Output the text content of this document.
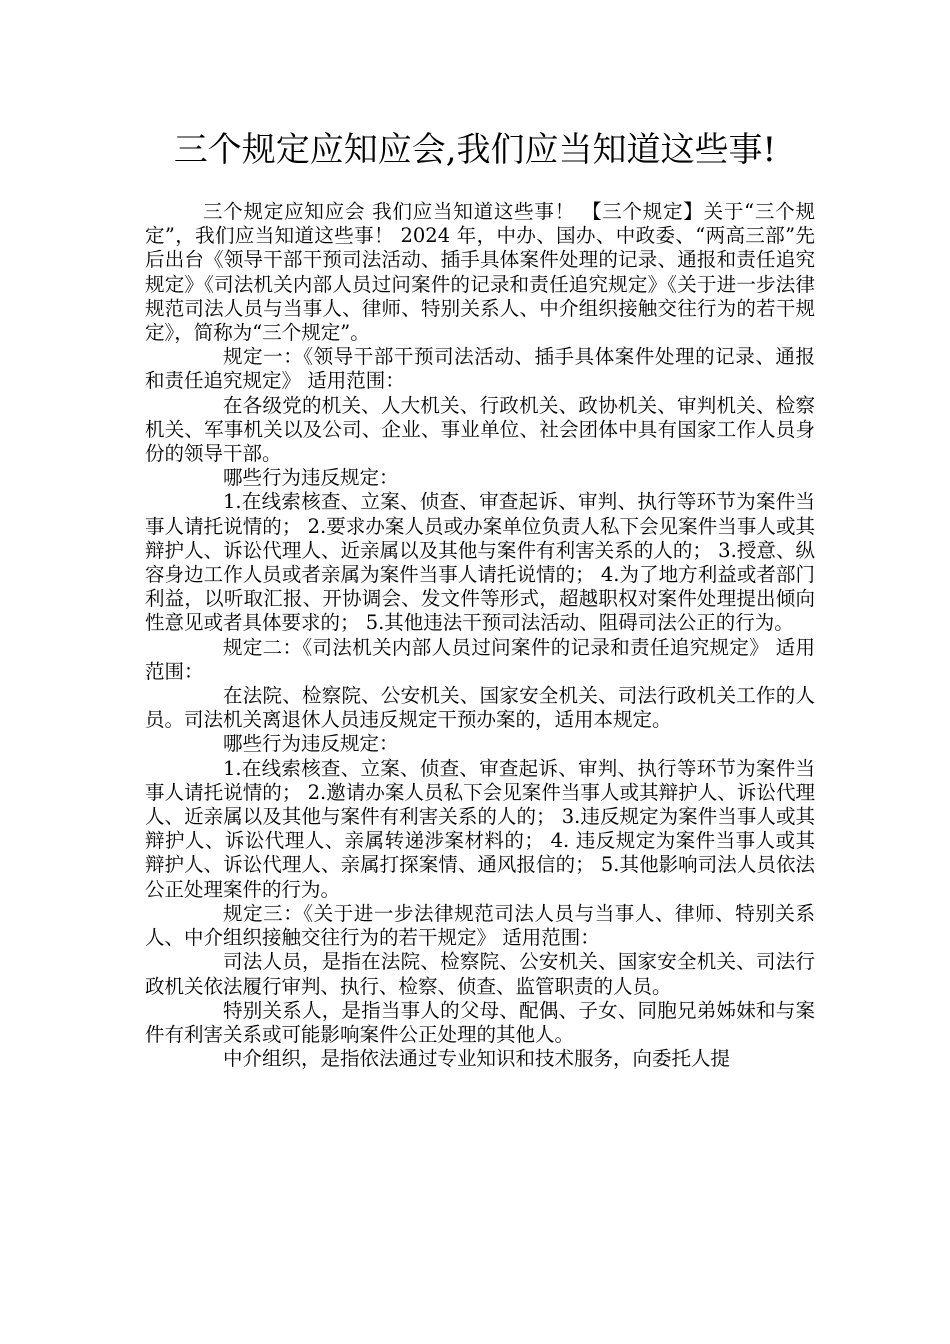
三个规定应知应会,我们应当知道这些事!

三个规定应知应会 我们应当知道这些事！ 【三个规定】关于“三个规定”，我们应当知道这些事！ 2024 年，中办、国办、中政委、“两高三部”先后出台《领导干部干预司法活动、插手具体案件处理的记录、通报和责任追究规定》《司法机关内部人员过问案件的记录和责任追究规定》《关于进一步法律规范司法人员与当事人、律师、特别关系人、中介组织接触交往行为的若干规定》，简称为“三个规定”。

规定一：《领导干部干预司法活动、插手具体案件处理的记录、通报和责任追究规定》 适用范围：

在各级党的机关、人大机关、行政机关、政协机关、审判机关、检察机关、军事机关以及公司、企业、事业单位、社会团体中具有国家工作人员身份的领导干部。

哪些行为违反规定：

1.在线索核查、立案、侦查、审查起诉、审判、执行等环节为案件当事人请托说情的； 2.要求办案人员或办案单位负责人私下会见案件当事人或其辩护人、诉讼代理人、近亲属以及其他与案件有利害关系的人的； 3.授意、纵容身边工作人员或者亲属为案件当事人请托说情的； 4.为了地方利益或者部门利益，以听取汇报、开协调会、发文件等形式，超越职权对案件处理提出倾向性意见或者具体要求的； 5.其他违法干预司法活动、阻碍司法公正的行为。

规定二：《司法机关内部人员过问案件的记录和责任追究规定》 适用范围：

在法院、检察院、公安机关、国家安全机关、司法行政机关工作的人员。司法机关离退休人员违反规定干预办案的，适用本规定。

哪些行为违反规定：

1.在线索核查、立案、侦查、审查起诉、审判、执行等环节为案件当事人请托说情的； 2.邀请办案人员私下会见案件当事人或其辩护人、诉讼代理人、近亲属以及其他与案件有利害关系的人的； 3.违反规定为案件当事人或其辩护人、诉讼代理人、亲属转递涉案材料的； 4. 违反规定为案件当事人或其辩护人、诉讼代理人、亲属打探案情、通风报信的； 5.其他影响司法人员依法公正处理案件的行为。

规定三：《关于进一步法律规范司法人员与当事人、律师、特别关系人、中介组织接触交往行为的若干规定》 适用范围：

司法人员，是指在法院、检察院、公安机关、国家安全机关、司法行政机关依法履行审判、执行、检察、侦查、监管职责的人员。

特别关系人，是指当事人的父母、配偶、子女、同胞兄弟姊妹和与案件有利害关系或可能影响案件公正处理的其他人。

中介组织，是指依法通过专业知识和技术服务，向委托人提
